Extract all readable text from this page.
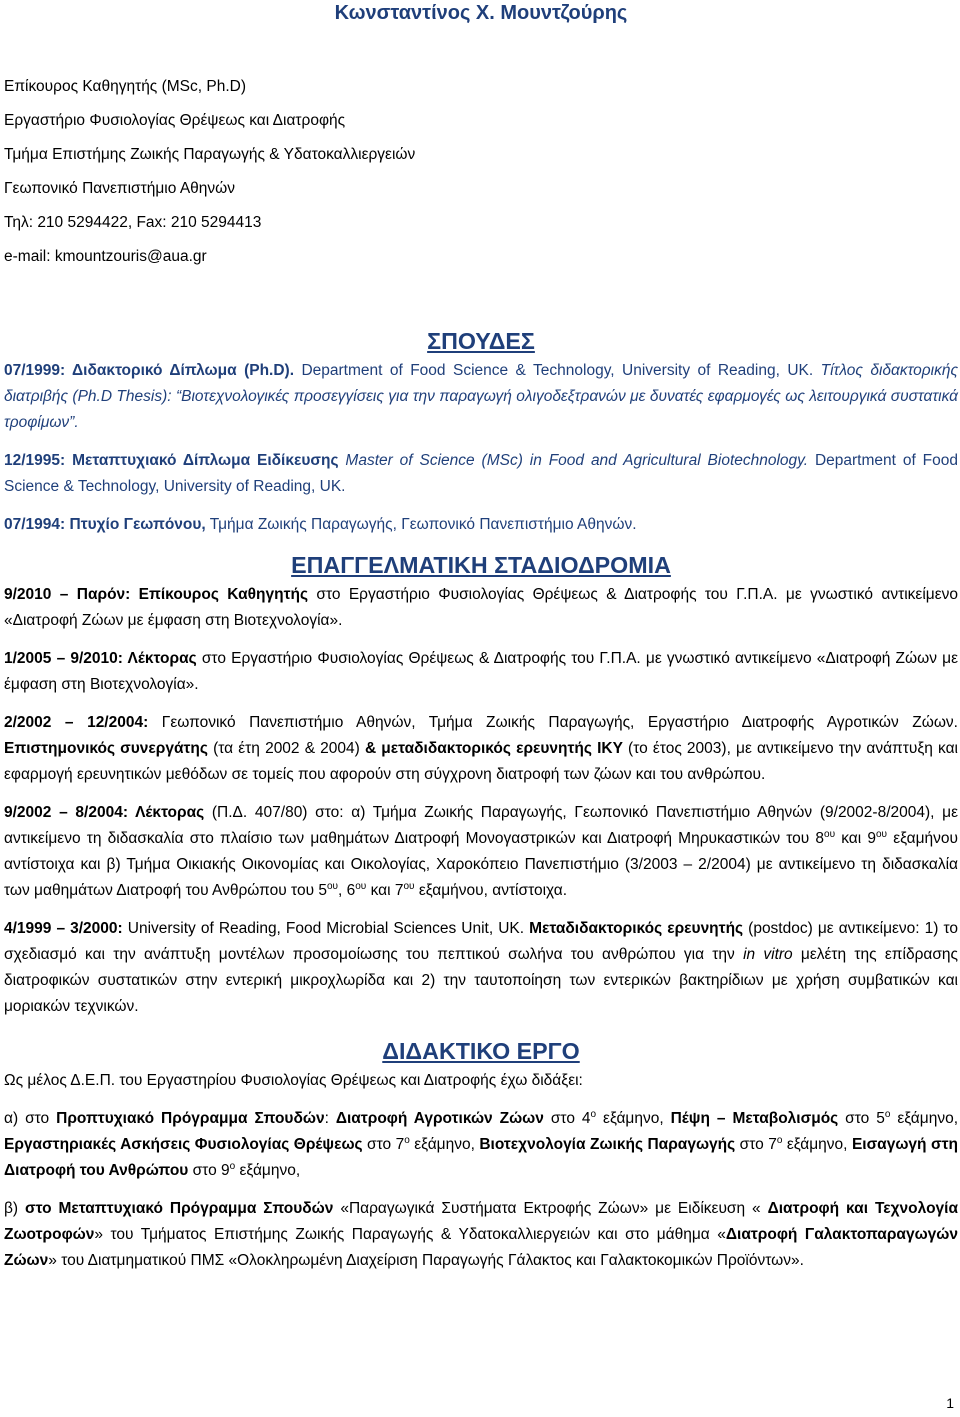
Κωνσταντίνος Χ. Μουντζούρης

Επίκουρος Καθηγητής (MSc, Ph.D)

Εργαστήριο Φυσιολογίας Θρέψεως και Διατροφής

Τμήμα Επιστήμης Ζωικής Παραγωγής & Υδατοκαλλιεργειών

Γεωπονικό Πανεπιστήμιο Αθηνών

Τηλ: 210 5294422, Fax: 210 5294413

e-mail: kmountzouris@aua.gr

ΣΠΟΥΔΕΣ

07/1999: Διδακτορικό Δίπλωμα (Ph.D). Department of Food Science & Technology, University of Reading, UK. Τίτλος διδακτορικής διατριβής (Ph.D Thesis): “Βιοτεχνολογικές προσεγγίσεις για την παραγωγή ολιγοδεξτρανών με δυνατές εφαρμογές ως λειτουργικά συστατικά τροφίμων”.

12/1995: Μεταπτυχιακό Δίπλωμα Ειδίκευσης Master of Science (MSc) in Food and Agricultural Biotechnology. Department of Food Science & Technology, University of Reading, UK.

07/1994: Πτυχίο Γεωπόνου, Τμήμα Ζωικής Παραγωγής, Γεωπονικό Πανεπιστήμιο Αθηνών.

ΕΠΑΓΓΕΛΜΑΤΙΚΗ ΣΤΑΔΙΟΔΡΟΜΙΑ

9/2010 – Παρόν: Επίκουρος Καθηγητής στο Εργαστήριο Φυσιολογίας Θρέψεως & Διατροφής του Γ.Π.Α. με γνωστικό αντικείμενο «Διατροφή Ζώων με έμφαση στη Βιοτεχνολογία».

1/2005 – 9/2010: Λέκτορας στο Εργαστήριο Φυσιολογίας Θρέψεως & Διατροφής του Γ.Π.Α. με γνωστικό αντικείμενο «Διατροφή Ζώων με έμφαση στη Βιοτεχνολογία».

2/2002 – 12/2004: Γεωπονικό Πανεπιστήμιο Αθηνών, Τμήμα Ζωικής Παραγωγής, Εργαστήριο Διατροφής Αγροτικών Ζώων. Επιστημονικός συνεργάτης (τα έτη 2002 & 2004) & μεταδιδακτορικός ερευνητής ΙΚΥ (το έτος 2003), με αντικείμενο την ανάπτυξη και εφαρμογή ερευνητικών μεθόδων σε τομείς που αφορούν στη σύγχρονη διατροφή των ζώων και του ανθρώπου.

9/2002 – 8/2004: Λέκτορας (Π.Δ. 407/80) στο: α) Τμήμα Ζωικής Παραγωγής, Γεωπονικό Πανεπιστήμιο Αθηνών (9/2002-8/2004), με αντικείμενο τη διδασκαλία στο πλαίσιο των μαθημάτων Διατροφή Μονογαστρικών και Διατροφή Μηρυκαστικών του $8^{o\upsilon}$ και $9^{o\upsilon}$ εξαμήνου αντίστοιχα και β) Τμήμα Οικιακής Οικονομίας και Οικολογίας, Χαροκόπειο Πανεπιστήμιο (3/2003 – 2/2004) με αντικείμενο τη διδασκαλία των μαθημάτων Διατροφή του Ανθρώπου του $5^{o\upsilon}$, $6^{o\upsilon}$ και $7^{o\upsilon}$ εξαμήνου, αντίστοιχα.

4/1999 – 3/2000: University of Reading, Food Microbial Sciences Unit, UK. Μεταδιδακτορικός ερευνητής (postdoc) με αντικείμενο: 1) το σχεδιασμό και την ανάπτυξη μοντέλων προσομοίωσης του πεπτικού σωλήνα του ανθρώπου για την in vitro μελέτη της επίδρασης διατροφικών συστατικών στην εντερική μικροχλωρίδα και 2) την ταυτοποίηση των εντερικών βακτηρίδιων με χρήση συμβατικών και μοριακών τεχνικών.

ΔΙΔΑΚΤΙΚΟ ΕΡΓΟ

Ως μέλος Δ.Ε.Π. του Εργαστηρίου Φυσιολογίας Θρέψεως και Διατροφής έχω διδάξει:

α) στο Προπτυχιακό Πρόγραμμα Σπουδών: Διατροφή Αγροτικών Ζώων στο $4^o$ εξάμηνο, Πέψη – Μεταβολισμός στο $5^o$ εξάμηνο, Εργαστηριακές Ασκήσεις Φυσιολογίας Θρέψεως στο $7^o$ εξάμηνο, Βιοτεχνολογία Ζωικής Παραγωγής στο $7^o$ εξάμηνο, Εισαγωγή στη Διατροφή του Ανθρώπου στο $9^o$ εξάμηνο,

β) στο Μεταπτυχιακό Πρόγραμμα Σπουδών «Παραγωγικά Συστήματα Εκτροφής Ζώων» με Ειδίκευση « Διατροφή και Τεχνολογία Ζωοτροφών» του Τμήματος Επιστήμης Ζωικής Παραγωγής & Υδατοκαλλιεργειών και στο μάθημα «Διατροφή Γαλακτοπαραγωγών Ζώων» του Διατμηματικού ΠΜΣ «Ολοκληρωμένη Διαχείριση Παραγωγής Γάλακτος και Γαλακτοκομικών Προϊόντων».

1
